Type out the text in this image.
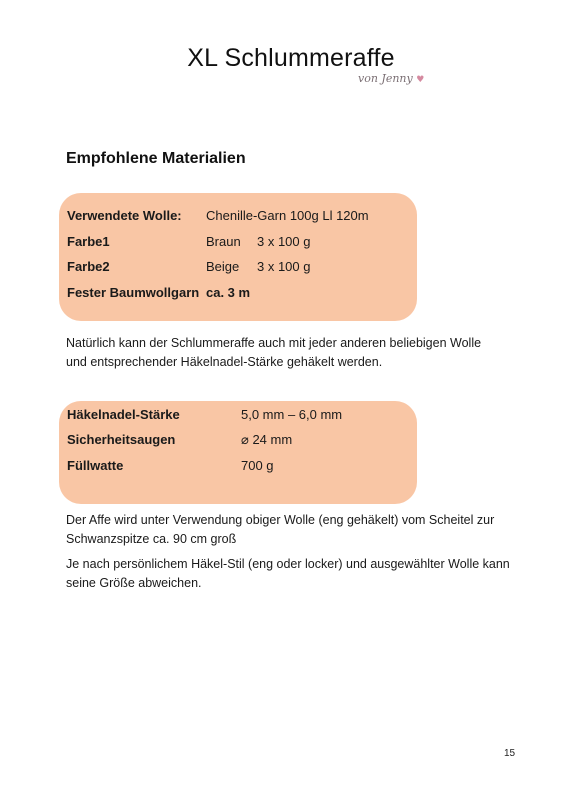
XL Schlummeraffe
von Jenny ♥
Empfohlene Materialien
Verwendete Wolle: Chenille-Garn 100g Ll 120m
Farbe1	Braun 3 x 100 g
Farbe2	Beige 3 x 100 g
Fester Baumwollgarn ca. 3 m
Natürlich kann der Schlummeraffe auch mit jeder anderen beliebigen Wolle
und entsprechender Häkelnadel-Stärke gehäkelt werden.
Häkelnadel-Stärke	5,0 mm – 6,0 mm
Sicherheitsaugen	⌀ 24 mm
Füllwatte	700 g
Der Affe wird unter Verwendung obiger Wolle (eng gehäkelt) vom Scheitel zur
Schwanzspitze ca. 90 cm groß
Je nach persönlichem Häkel-Stil (eng oder locker) und ausgewählter Wolle kann
seine Größe abweichen.
15
